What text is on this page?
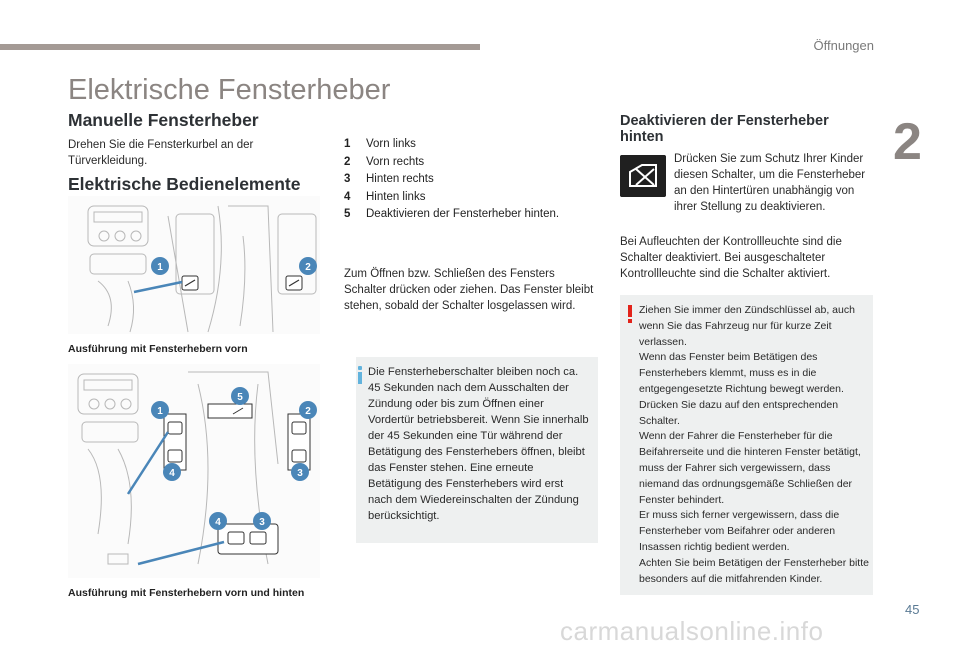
Öffnungen
2
Elektrische Fensterheber
Manuelle Fensterheber
Drehen Sie die Fensterkurbel an der Türverkleidung.
Elektrische Bedienelemente
1	2
Ausführung mit Fensterhebern vorn
5
1	2
4	3
4	3
Ausführung mit Fensterhebern vorn und hinten
1 Vorn links
2 Vorn rechts
3 Hinten rechts
4 Hinten links
5 Deaktivieren der Fensterheber hinten.
Zum Öffnen bzw. Schließen des Fensters Schalter drücken oder ziehen. Das Fenster bleibt stehen, sobald der Schalter losgelassen wird.
Die Fensterheberschalter bleiben noch ca. 45 Sekunden nach dem Ausschalten der Zündung oder bis zum Öffnen einer Vordertür betriebsbereit. Wenn Sie innerhalb der 45 Sekunden eine Tür während der Betätigung des Fensterhebers öffnen, bleibt das Fenster stehen. Eine erneute Betätigung des Fensterhebers wird erst nach dem Wiedereinschalten der Zündung berücksichtigt.
Deaktivieren der Fensterheber
hinten
Drücken Sie zum Schutz Ihrer Kinder diesen Schalter, um die Fensterheber an den Hintertüren unabhängig von ihrer Stellung zu deaktivieren.
Bei Aufleuchten der Kontrollleuchte sind die Schalter deaktiviert. Bei ausgeschalteter Kontrollleuchte sind die Schalter aktiviert.
Ziehen Sie immer den Zündschlüssel ab, auch wenn Sie das Fahrzeug nur für kurze Zeit verlassen.
Wenn das Fenster beim Betätigen des Fensterhebers klemmt, muss es in die entgegengesetzte Richtung bewegt werden. Drücken Sie dazu auf den entsprechenden Schalter.
Wenn der Fahrer die Fensterheber für die Beifahrerseite und die hinteren Fenster betätigt, muss der Fahrer sich vergewissern, dass niemand das ordnungsgemäße Schließen der Fenster behindert.
Er muss sich ferner vergewissern, dass die Fensterheber vom Beifahrer oder anderen Insassen richtig bedient werden.
Achten Sie beim Betätigen der Fensterheber bitte besonders auf die mitfahrenden Kinder.
45
carmanualsonline.info
